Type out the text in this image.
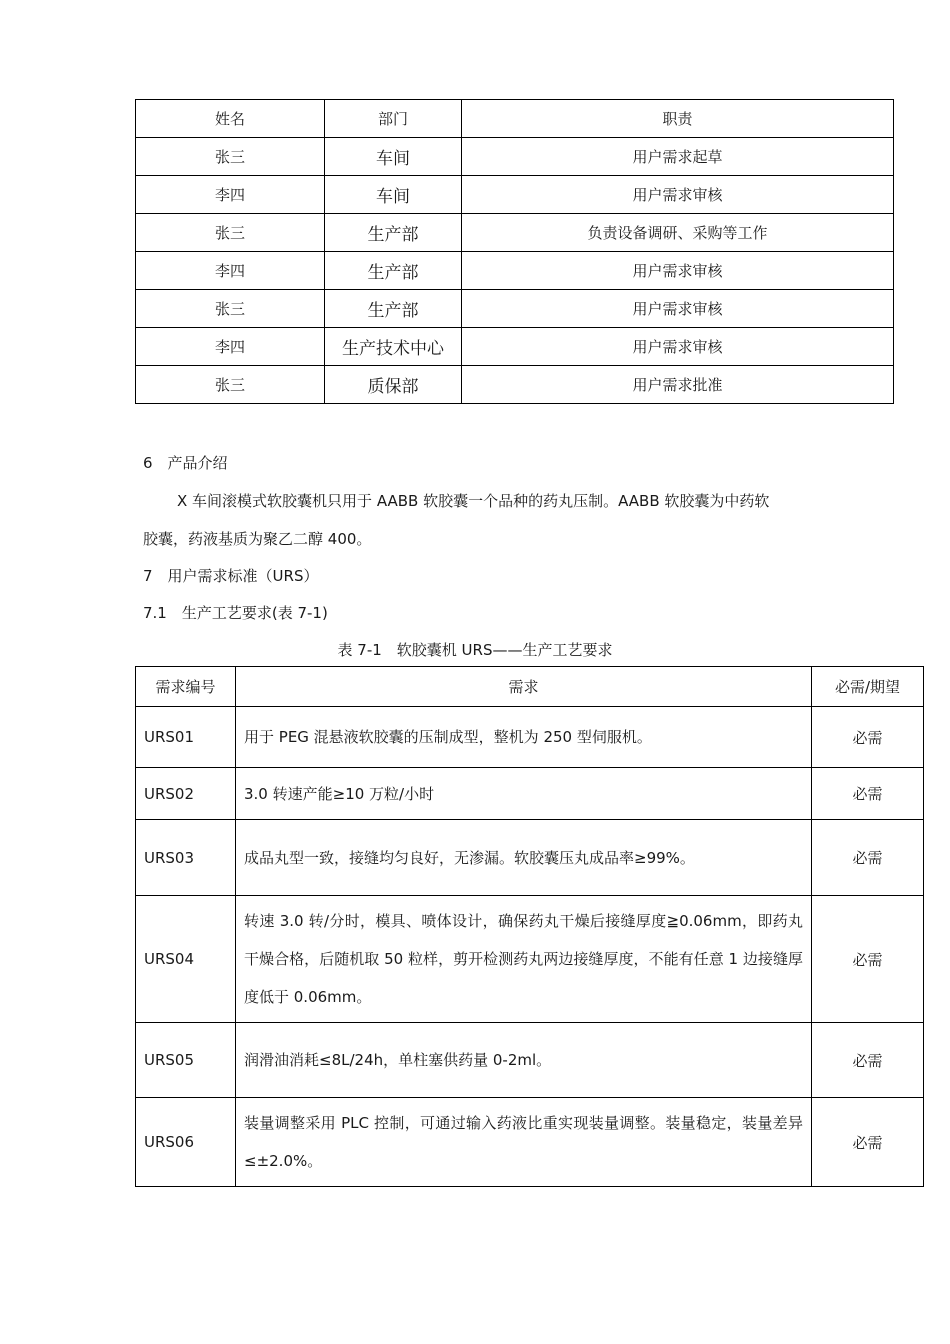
姓名	部门	职责
张三	车间	用户需求起草
李四	车间	用户需求审核
张三	生产部	负责设备调研、采购等工作
李四	生产部	用户需求审核
张三	生产部	用户需求审核
李四	生产技术中心	用户需求审核
张三	质保部	用户需求批准

6　产品介绍

X 车间滚模式软胶囊机只用于 AABB 软胶囊一个品种的药丸压制。AABB 软胶囊为中药软

胶囊，药液基质为聚乙二醇 400。

7　用户需求标准（URS）

7.1　生产工艺要求(表 7-1)

表 7-1　软胶囊机 URS——生产工艺要求
需求编号	需求	必需/期望
URS01	用于 PEG 混悬液软胶囊的压制成型，整机为 250 型伺服机。	必需
URS02	3.0 转速产能≥10 万粒/小时	必需
URS03	成品丸型一致，接缝均匀良好，无渗漏。软胶囊压丸成品率≥99%。	必需
URS04	转速 3.0 转/分时，模具、喷体设计，确保药丸干燥后接缝厚度≧0.06mm，即药丸干燥合格，后随机取 50 粒样，剪开检测药丸两边接缝厚度，不能有任意 1 边接缝厚度低于 0.06mm。	必需
URS05	润滑油消耗≤8L/24h，单柱塞供药量 0-2ml。	必需
URS06	装量调整采用 PLC 控制，可通过输入药液比重实现装量调整。装量稳定，装量差异≤±2.0%。	必需
